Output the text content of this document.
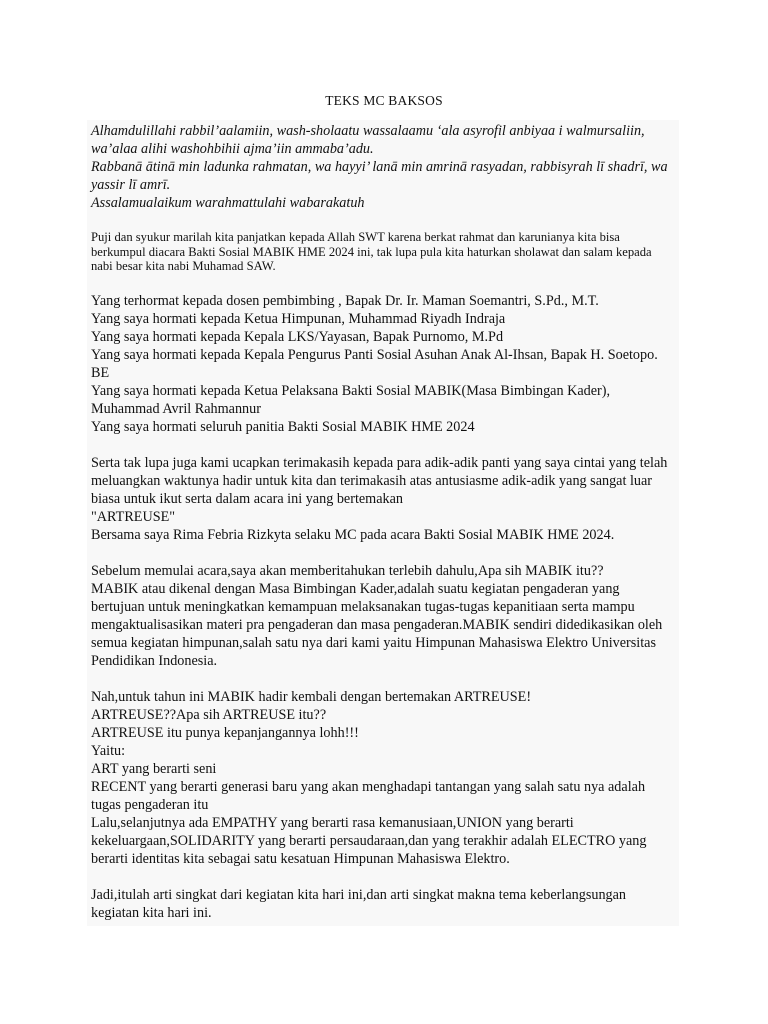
TEKS MC BAKSOS
Alhamdulillahi rabbil’aalamiin, wash-sholaatu wassalaamu ‘ala asyrofil anbiyaa i walmursaliin, wa’alaa alihi washohbihii ajma’iin ammaba’adu.
Rabbanā ātinā min ladunka rahmatan, wa hayyi’ lanā min amrinā rasyadan, rabbisyrah lī shadrī, wa yassir lī amrī.
Assalamualaikum warahmattulahi wabarakatuh
Puji dan syukur marilah kita panjatkan kepada Allah SWT karena berkat rahmat dan karunianya kita bisa berkumpul diacara Bakti Sosial MABIK HME 2024 ini, tak lupa pula kita haturkan sholawat dan salam kepada nabi besar kita nabi Muhamad SAW.
Yang terhormat kepada dosen pembimbing , Bapak Dr. Ir. Maman Soemantri, S.Pd., M.T.
Yang saya hormati kepada Ketua Himpunan, Muhammad Riyadh Indraja
Yang saya hormati kepada Kepala LKS/Yayasan, Bapak Purnomo, M.Pd
Yang saya hormati kepada Kepala Pengurus Panti Sosial Asuhan Anak Al-Ihsan, Bapak H. Soetopo. BE
Yang saya hormati kepada Ketua Pelaksana Bakti Sosial MABIK(Masa Bimbingan Kader), Muhammad Avril Rahmannur
Yang saya hormati seluruh panitia Bakti Sosial MABIK HME 2024
Serta tak lupa juga kami ucapkan terimakasih kepada para adik-adik panti yang saya cintai yang telah meluangkan waktunya hadir untuk kita dan terimakasih atas antusiasme adik-adik yang sangat luar biasa untuk ikut serta dalam acara ini yang bertemakan
"ARTREUSE"
Bersama saya Rima Febria Rizkyta selaku MC pada acara Bakti Sosial MABIK HME 2024.
Sebelum memulai acara,saya akan memberitahukan terlebih dahulu,Apa sih MABIK itu??
MABIK atau dikenal dengan Masa Bimbingan Kader,adalah suatu kegiatan pengaderan yang bertujuan untuk meningkatkan kemampuan melaksanakan tugas-tugas kepanitiaan serta mampu mengaktualisasikan materi pra pengaderan dan masa pengaderan.MABIK sendiri didedikasikan oleh semua kegiatan himpunan,salah satu nya dari kami yaitu Himpunan Mahasiswa Elektro Universitas Pendidikan Indonesia.
Nah,untuk tahun ini MABIK hadir kembali dengan bertemakan ARTREUSE!
ARTREUSE??Apa sih ARTREUSE itu??
ARTREUSE itu punya kepanjangannya lohh!!!
Yaitu:
ART yang berarti seni
RECENT yang berarti generasi baru yang akan menghadapi tantangan yang salah satu nya adalah tugas pengaderan itu
Lalu,selanjutnya ada EMPATHY yang berarti rasa kemanusiaan,UNION yang berarti kekeluargaan,SOLIDARITY yang berarti persaudaraan,dan yang terakhir adalah ELECTRO yang berarti identitas kita sebagai satu kesatuan Himpunan Mahasiswa Elektro.
Jadi,itulah arti singkat dari kegiatan kita hari ini,dan arti singkat makna tema keberlangsungan kegiatan kita hari ini.
